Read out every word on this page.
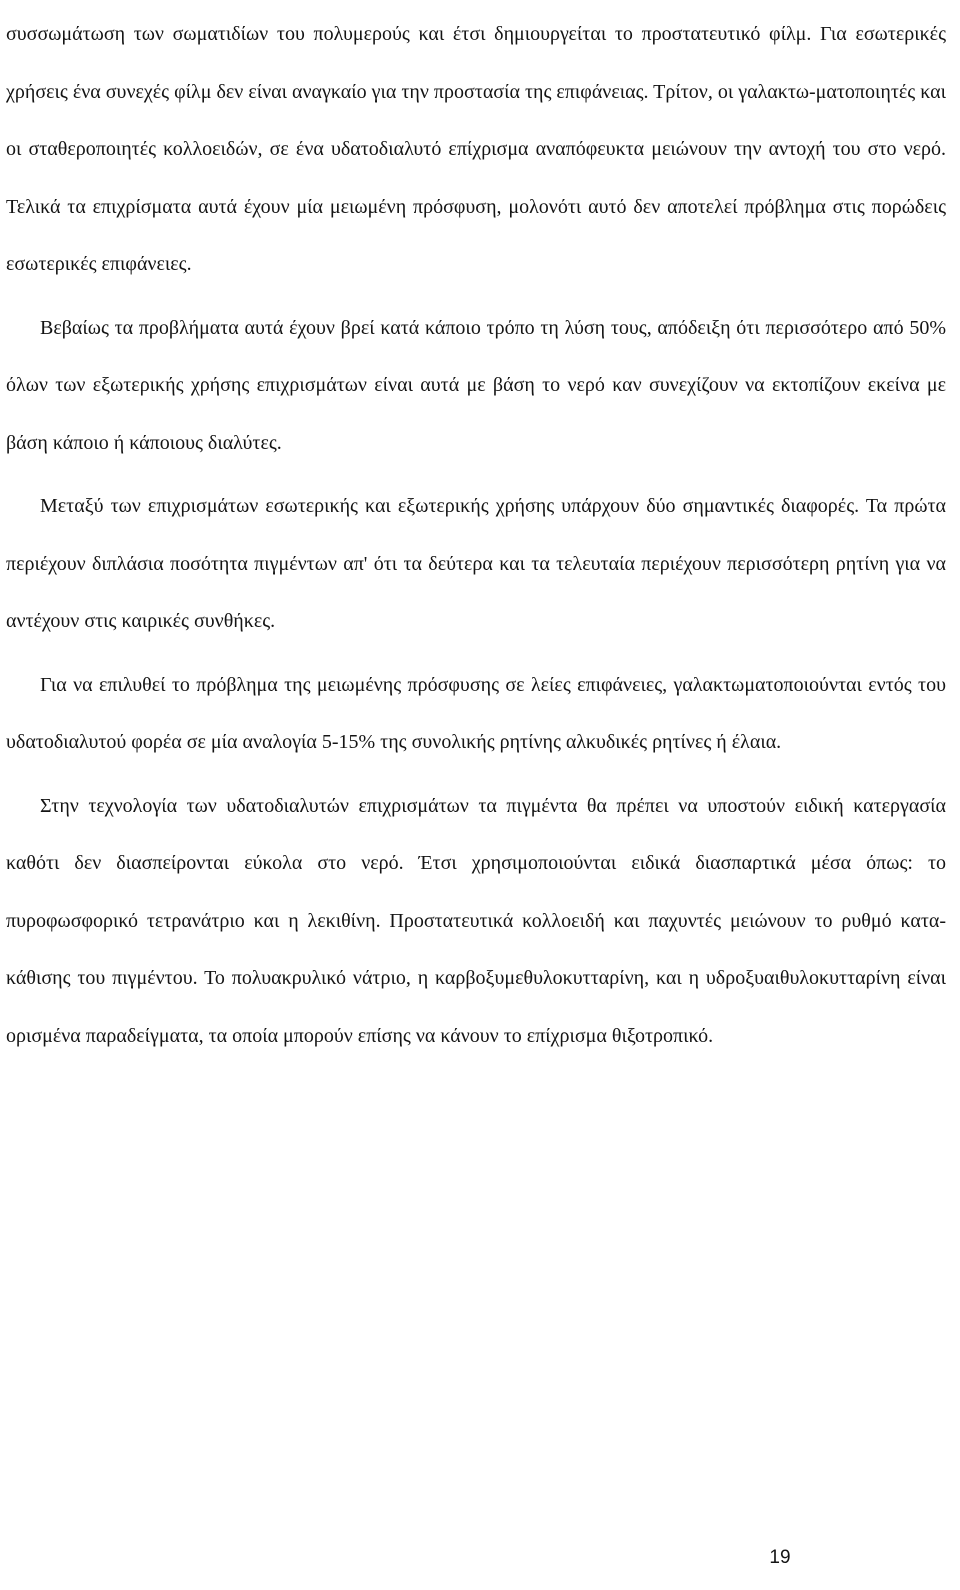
συσσωμάτωση των σωματιδίων του πολυμερούς και έτσι δημιουργείται το προστατευτικό φίλμ. Για εσωτερικές χρήσεις ένα συνεχές φίλμ δεν είναι αναγκαίο για την προστασία της επιφάνειας. Τρίτον, οι γαλακτω-ματοποιητές και οι σταθεροποιητές κολλοειδών, σε ένα υδατοδιαλυτό επίχρισμα αναπόφευκτα μειώνουν την αντοχή του στο νερό. Τελικά τα επιχρίσματα αυτά έχουν μία μειωμένη πρόσφυση, μολονότι αυτό δεν αποτελεί πρόβλημα στις πορώδεις εσωτερικές επιφάνειες.

Βεβαίως τα προβλήματα αυτά έχουν βρεί κατά κάποιο τρόπο τη λύση τους, απόδειξη ότι περισσότερο από 50% όλων των εξωτερικής χρήσης επιχρισμάτων είναι αυτά με βάση το νερό καν συνεχίζουν να εκτοπίζουν εκείνα με βάση κάποιο ή κάποιους διαλύτες.

Μεταξύ των επιχρισμάτων εσωτερικής και εξωτερικής χρήσης υπάρχουν δύο σημαντικές διαφορές. Τα πρώτα περιέχουν διπλάσια ποσότητα πιγμέντων απ' ότι τα δεύτερα και τα τελευταία περιέχουν περισσότερη ρητίνη για να αντέχουν στις καιρικές συνθήκες.

Για να επιλυθεί το πρόβλημα της μειωμένης πρόσφυσης σε λείες επιφάνειες, γαλακτωματοποιούνται εντός του υδατοδιαλυτού φορέα σε μία αναλογία 5-15% της συνολικής ρητίνης αλκυδικές ρητίνες ή έλαια.

Στην τεχνολογία των υδατοδιαλυτών επιχρισμάτων τα πιγμέντα θα πρέπει να υποστούν ειδική κατεργασία καθότι δεν διασπείρονται εύκολα στο νερό. Έτσι χρησιμοποιούνται ειδικά διασπαρτικά μέσα όπως: το πυροφωσφορικό τετρανάτριο και η λεκιθίνη. Προστατευτικά κολλοειδή και παχυντές μειώνουν το ρυθμό κατα-κάθισης του πιγμέντου. Το πολυακρυλικό νάτριο, η καρβοξυμεθυλοκυτταρίνη, και η υδροξυαιθυλοκυτταρίνη είναι ορισμένα παραδείγματα, τα οποία μπορούν επίσης να κάνουν το επίχρισμα θιξοτροπικό.

19
